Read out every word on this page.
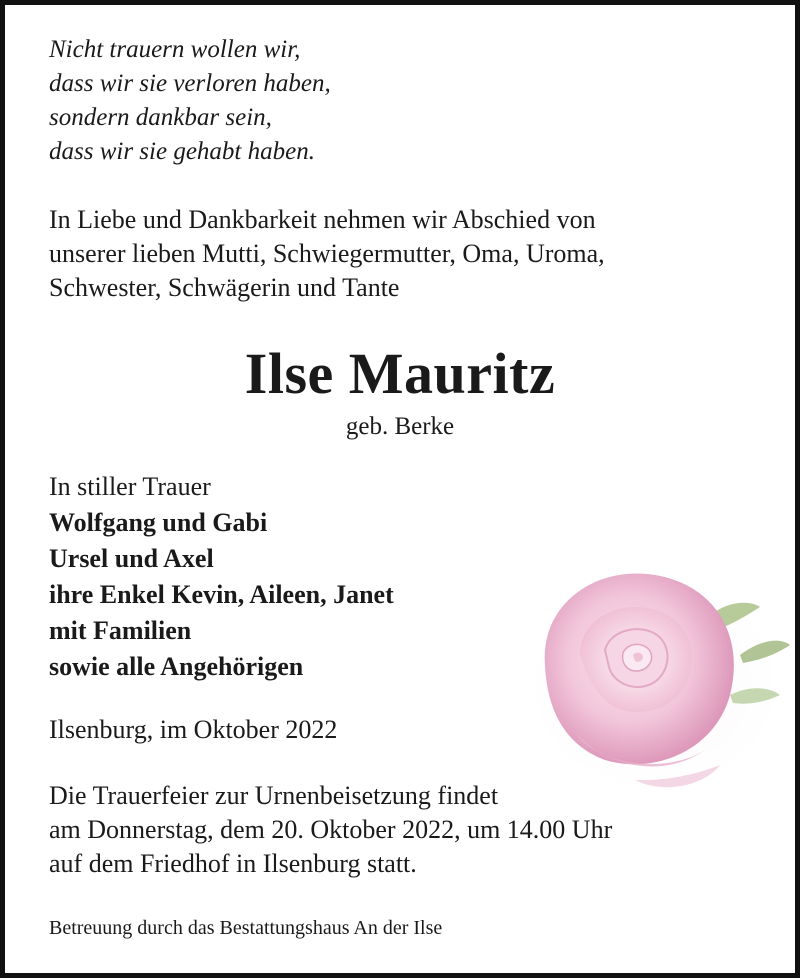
Nicht trauern wollen wir,
dass wir sie verloren haben,
sondern dankbar sein,
dass wir sie gehabt haben.
In Liebe und Dankbarkeit nehmen wir Abschied von
unserer lieben Mutti, Schwiegermutter, Oma, Uroma,
Schwester, Schwägerin und Tante
Ilse Mauritz
geb. Berke
In stiller Trauer
Wolfgang und Gabi
Ursel und Axel
ihre Enkel Kevin, Aileen, Janet
mit Familien
sowie alle Angehörigen
Ilsenburg, im Oktober 2022
Die Trauerfeier zur Urnenbeisetzung findet
am Donnerstag, dem 20. Oktober 2022, um 14.00 Uhr
auf dem Friedhof in Ilsenburg statt.
Betreuung durch das Bestattungshaus An der Ilse
